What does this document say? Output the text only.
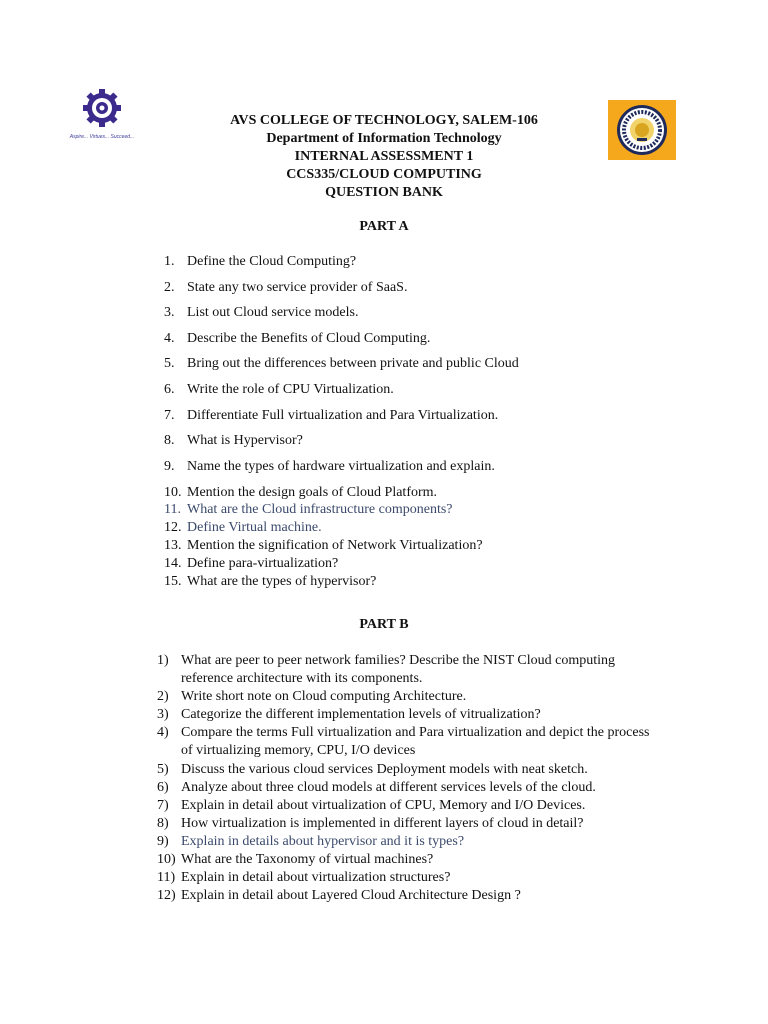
Aspire... Virtues... Succeed...
AVS COLLEGE OF TECHNOLOGY, SALEM-106
Department of Information Technology
INTERNAL ASSESSMENT 1
CCS335/CLOUD COMPUTING
QUESTION BANK
PART A
1. Define the Cloud Computing?
2. State any two service provider of SaaS.
3. List out Cloud service models.
4. Describe the Benefits of Cloud Computing.
5. Bring out the differences between private and public Cloud
6. Write the role of CPU Virtualization.
7. Differentiate Full virtualization and Para Virtualization.
8. What is Hypervisor?
9. Name the types of hardware virtualization and explain.
10. Mention the design goals of Cloud Platform.
11. What are the Cloud infrastructure components?
12. Define Virtual machine.
13. Mention the signification of Network Virtualization?
14. Define para-virtualization?
15. What are the types of hypervisor?
PART B
1) What are peer to peer network families? Describe the NIST Cloud computing reference architecture with its components.
2) Write short note on Cloud computing Architecture.
3) Categorize the different implementation levels of vitrualization?
4) Compare the terms Full virtualization and Para virtualization and depict the process of virtualizing memory, CPU, I/O devices
5) Discuss the various cloud services Deployment models with neat sketch.
6) Analyze about three cloud models at different services levels of the cloud.
7) Explain in detail about virtualization of CPU, Memory and I/O Devices.
8) How virtualization is implemented in different layers of cloud in detail?
9) Explain in details about hypervisor and it is types?
10) What are the Taxonomy of virtual machines?
11) Explain in detail about virtualization structures?
12) Explain in detail about Layered Cloud Architecture Design ?
